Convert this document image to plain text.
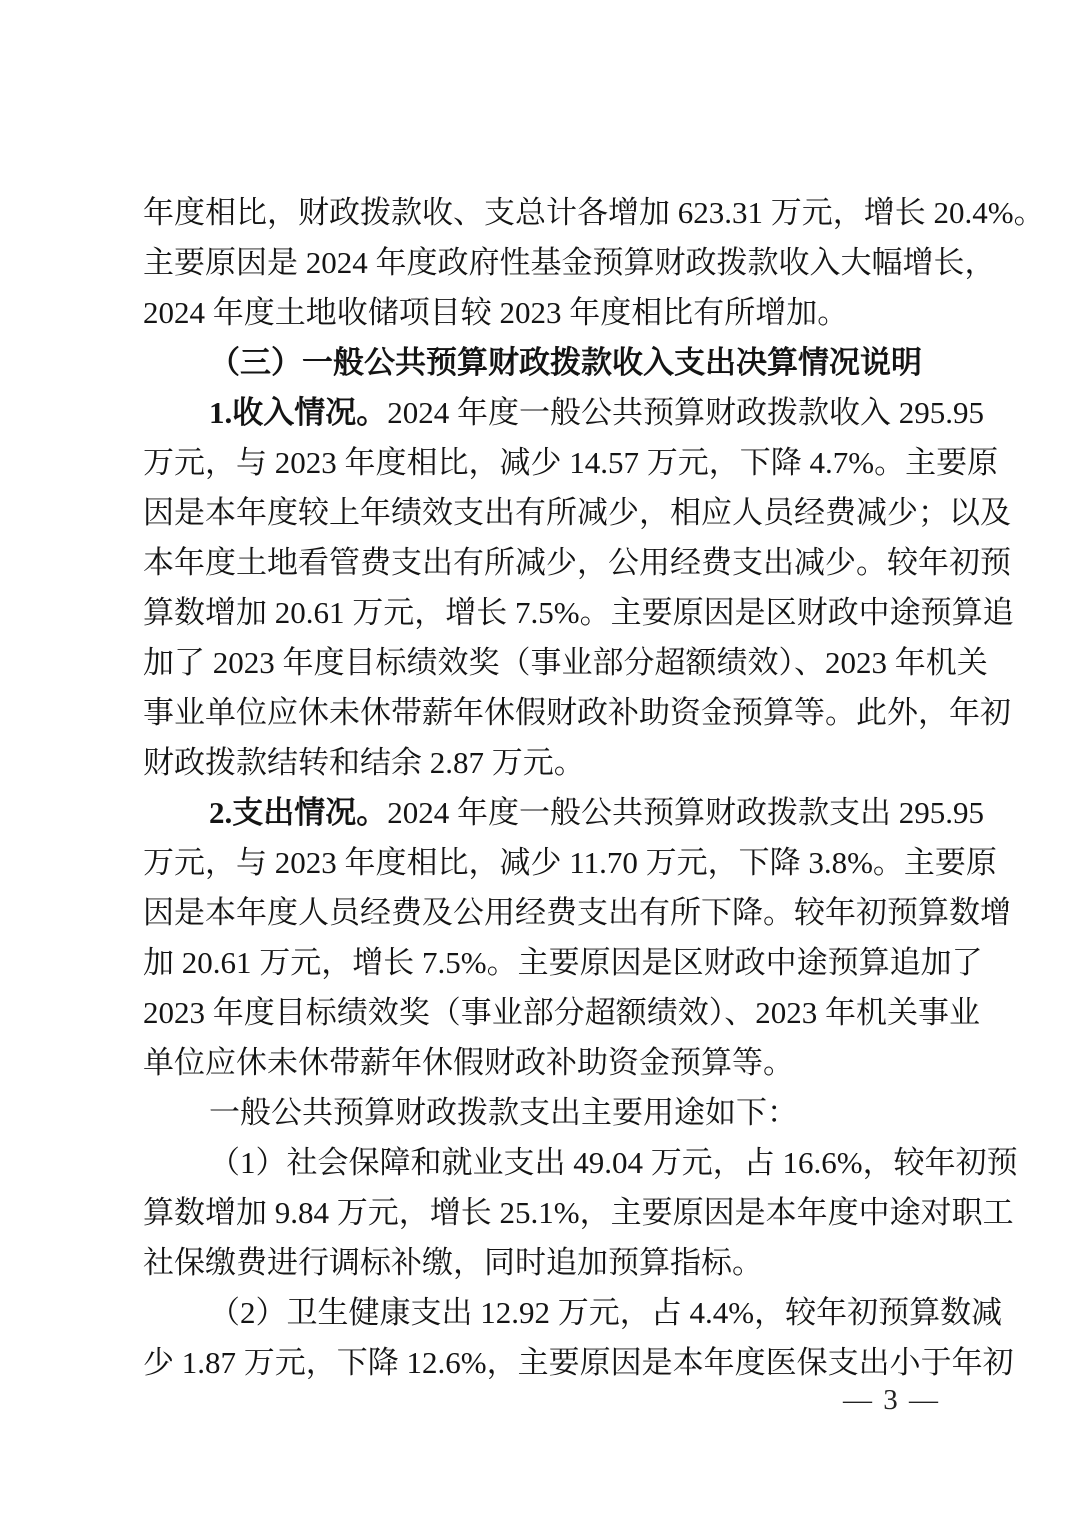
年度相比，财政拨款收、支总计各增加 623.31 万元，增长 20.4%。
主要原因是 2024 年度政府性基金预算财政拨款收入大幅增长，
2024 年度土地收储项目较 2023 年度相比有所增加。
（三）一般公共预算财政拨款收入支出决算情况说明
1.收入情况。2024 年度一般公共预算财政拨款收入 295.95
万元，与 2023 年度相比，减少 14.57 万元，下降 4.7%。主要原
因是本年度较上年绩效支出有所减少，相应人员经费减少；以及
本年度土地看管费支出有所减少，公用经费支出减少。较年初预
算数增加 20.61 万元，增长 7.5%。主要原因是区财政中途预算追
加了 2023 年度目标绩效奖（事业部分超额绩效）、2023 年机关
事业单位应休未休带薪年休假财政补助资金预算等。此外，年初
财政拨款结转和结余 2.87 万元。
2.支出情况。2024 年度一般公共预算财政拨款支出 295.95
万元，与 2023 年度相比，减少 11.70 万元，下降 3.8%。主要原
因是本年度人员经费及公用经费支出有所下降。较年初预算数增
加 20.61 万元，增长 7.5%。主要原因是区财政中途预算追加了
2023 年度目标绩效奖（事业部分超额绩效）、2023 年机关事业
单位应休未休带薪年休假财政补助资金预算等。
一般公共预算财政拨款支出主要用途如下：
（1）社会保障和就业支出 49.04 万元，占 16.6%，较年初预
算数增加 9.84 万元，增长 25.1%，主要原因是本年度中途对职工
社保缴费进行调标补缴，同时追加预算指标。
（2）卫生健康支出 12.92 万元，占 4.4%，较年初预算数减
少 1.87 万元，下降 12.6%，主要原因是本年度医保支出小于年初
— 3 —
